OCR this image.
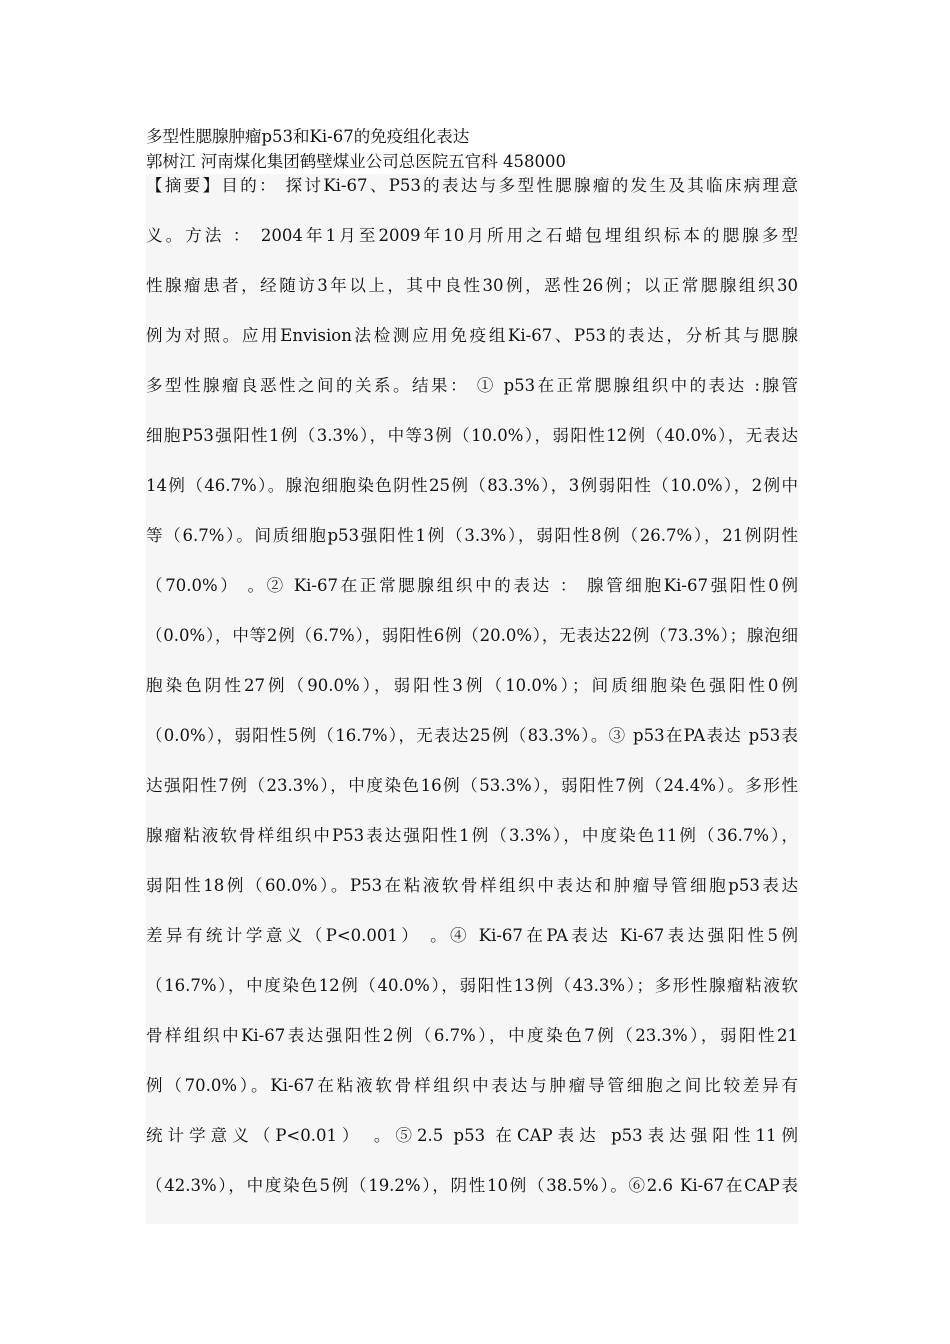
多型性腮腺肿瘤p53和Ki-67的免疫组化表达
郭树江 河南煤化集团鹤壁煤业公司总医院五官科 458000
【摘要】目的： 探讨Ki-67、P53的表达与多型性腮腺瘤的发生及其临床病理意
义。方法 ： 2004年1月至2009年10月所用之石蜡包埋组织标本的腮腺多型
性腺瘤患者，经随访3年以上，其中良性30例，恶性26例；以正常腮腺组织30
例为对照。应用Envision法检测应用免疫组Ki-67、P53的表达，分析其与腮腺
多型性腺瘤良恶性之间的关系。结果： ① p53在正常腮腺组织中的表达 :腺管
细胞P53强阳性1例（3.3%），中等3例（10.0%），弱阳性12例（40.0%），无表达
14例（46.7%）。腺泡细胞染色阴性25例（83.3%），3例弱阳性（10.0%），2例中
等（6.7%）。间质细胞p53强阳性1例（3.3%），弱阳性8例（26.7%），21例阴性
（70.0%） 。② Ki-67在正常腮腺组织中的表达 ： 腺管细胞Ki-67强阳性0例
（0.0%），中等2例（6.7%），弱阳性6例（20.0%），无表达22例（73.3%）；腺泡细
胞染色阴性27例（90.0%），弱阳性3例（10.0%）；间质细胞染色强阳性0例
（0.0%），弱阳性5例（16.7%），无表达25例（83.3%）。③ p53在PA表达 p53表
达强阳性7例（23.3%），中度染色16例（53.3%），弱阳性7例（24.4%）。多形性
腺瘤粘液软骨样组织中P53表达强阳性1例（3.3%），中度染色11例（36.7%），
弱阳性18例（60.0%）。P53在粘液软骨样组织中表达和肿瘤导管细胞p53表达
差异有统计学意义（P<0.001） 。④ Ki-67在PA表达 Ki-67表达强阳性5例
（16.7%），中度染色12例（40.0%），弱阳性13例（43.3%）；多形性腺瘤粘液软
骨样组织中Ki-67表达强阳性2例（6.7%），中度染色7例（23.3%），弱阳性21
例（70.0%）。Ki-67在粘液软骨样组织中表达与肿瘤导管细胞之间比较差异有
统计学意义（P<0.01） 。⑤2.5 p53 在CAP表达 p53表达强阳性11例
（42.3%），中度染色5例（19.2%），阴性10例（38.5%）。⑥2.6 Ki-67在CAP表
